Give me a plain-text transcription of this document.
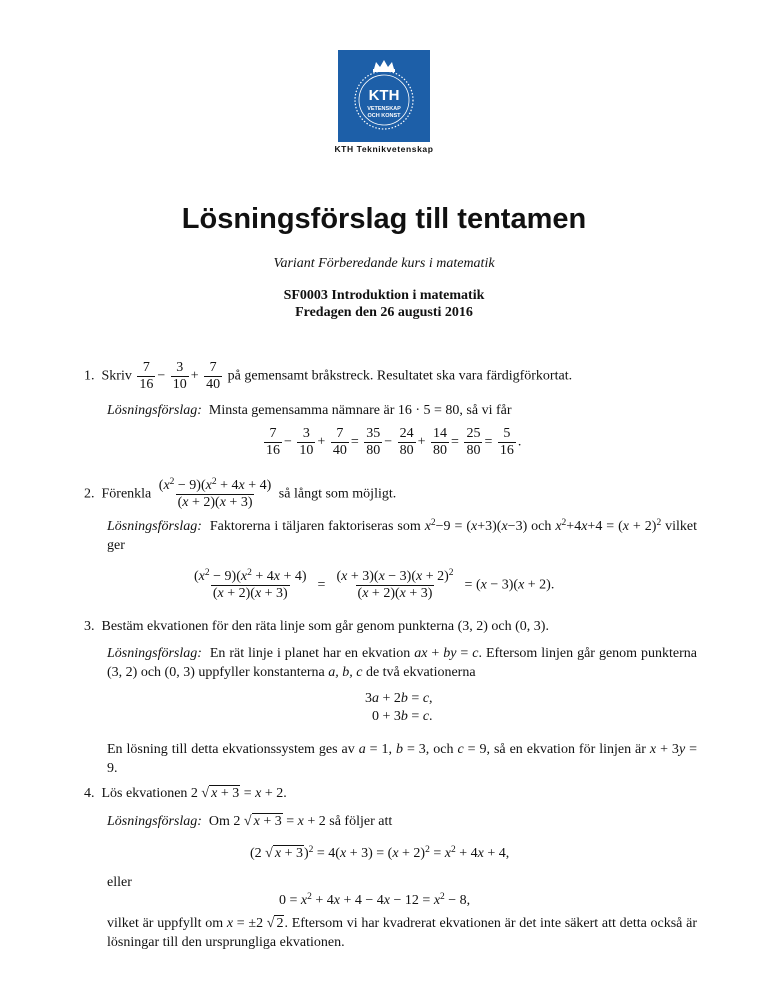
KTH
VETENSKAP
OCH KONST
KTH Teknikvetenskap
Lösningsförslag till tentamen
Variant Förberedande kurs i matematik
SF0003 Introduktion i matematik
Fredagen den 26 augusti 2016
1. Skriv $\frac{7}{16} - \frac{3}{10} + \frac{7}{40}$ på gemensamt bråkstreck. Resultatet ska vara färdigförkortat.
Lösningsförslag: Minsta gemensamma nämnare är 16 · 5 = 80, så vi får
$\frac{7}{16} - \frac{3}{10} + \frac{7}{40} = \frac{35}{80} - \frac{24}{80} + \frac{14}{80} = \frac{25}{80} = \frac{5}{16}$ .
2. Förenkla $\frac{(x^2 - 9)(x^2 + 4x + 4)}{(x + 2)(x + 3)}$ så långt som möjligt.
Lösningsförslag: Faktorerna i täljaren faktoriseras som $x^2-9 = (x+3)(x-3)$ och $x^2+4x+4 = (x + 2)^2$ vilket ger
$\frac{(x^2 - 9)(x^2 + 4x + 4)}{(x + 2)(x + 3)} = \frac{(x + 3)(x - 3)(x + 2)^2}{(x + 2)(x + 3)} = (x - 3)(x + 2)$.
3. Bestäm ekvationen för den räta linje som går genom punkterna (3, 2) och (0, 3).
Lösningsförslag: En rät linje i planet har en ekvation ax + by = c. Eftersom linjen går genom punkterna (3, 2) och (0, 3) uppfyller konstanterna a, b, c de två ekvationerna
3a + 2b = c,
0 + 3b = c.
En lösning till detta ekvationssystem ges av a = 1, b = 3, och c = 9, så en ekvation för linjen är x + 3y = 9.
4. Lös ekvationen 2 √ x + 3 = x + 2.
Lösningsförslag: Om 2 √ x + 3 = x + 2 så följer att
(2 √ $x + 3)^2 = 4(x + 3) = (x + 2)^2 = x^2 + 4x + 4$,
eller
$0 = x^2 + 4x + 4 - 4x - 12 = x^2 - 8$,
vilket är uppfyllt om x = ±2 √ 2. Eftersom vi har kvadrerat ekvationen är det inte säkert att detta också är lösningar till den ursprungliga ekvationen.
